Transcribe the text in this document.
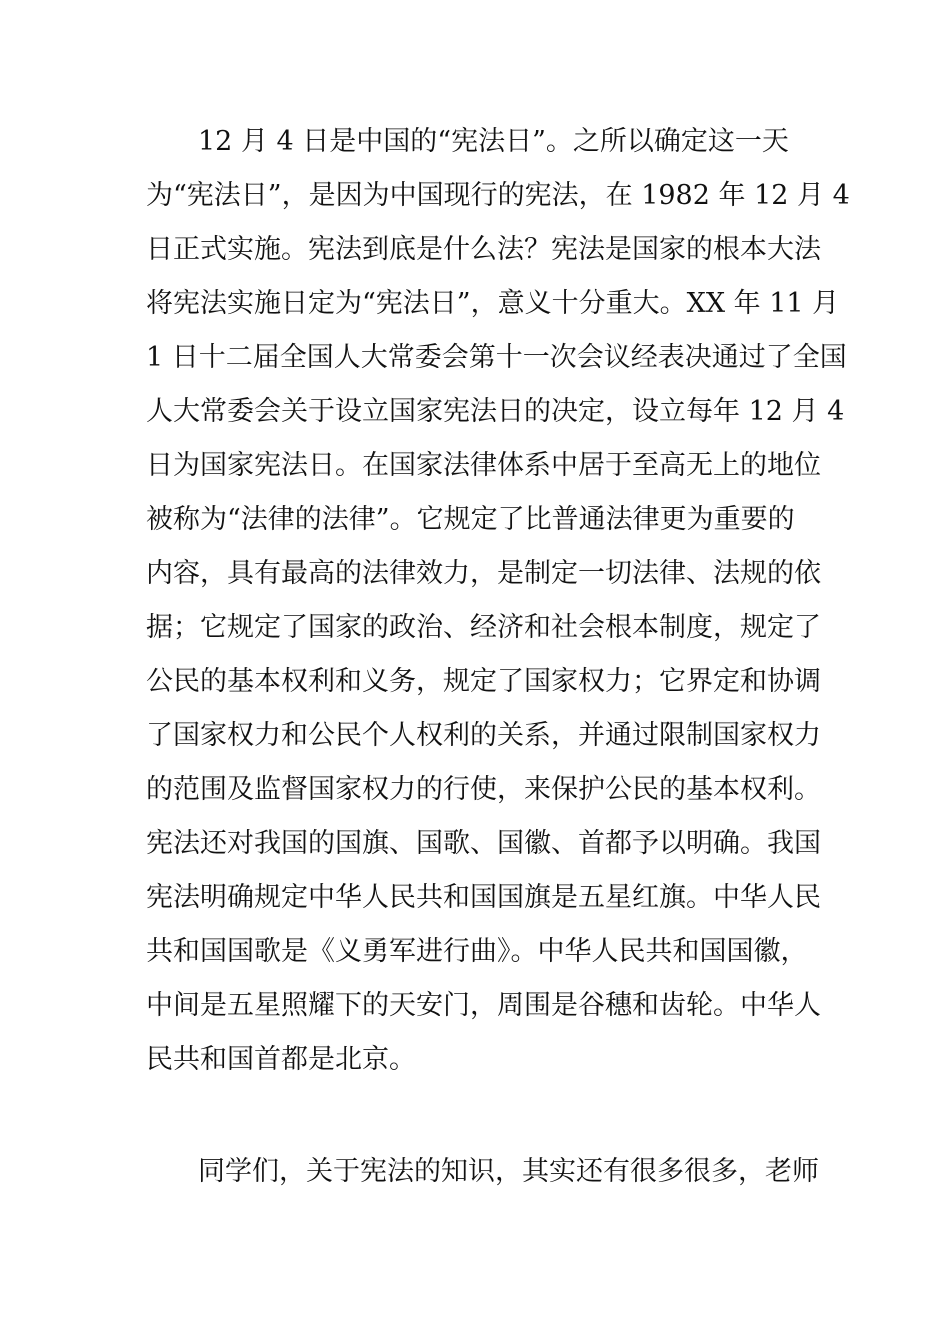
12 月 4 日是中国的“宪法日”。之所以确定这一天
为“宪法日”，是因为中国现行的宪法，在 1982 年 12 月 4
日正式实施。宪法到底是什么法？宪法是国家的根本大法
将宪法实施日定为“宪法日”，意义十分重大。XX 年 11 月
1 日十二届全国人大常委会第十一次会议经表决通过了全国
人大常委会关于设立国家宪法日的决定，设立每年 12 月 4
日为国家宪法日。在国家法律体系中居于至高无上的地位
被称为“法律的法律”。它规定了比普通法律更为重要的
内容，具有最高的法律效力，是制定一切法律、法规的依
据；它规定了国家的政治、经济和社会根本制度，规定了
公民的基本权利和义务，规定了国家权力；它界定和协调
了国家权力和公民个人权利的关系，并通过限制国家权力
的范围及监督国家权力的行使，来保护公民的基本权利。
宪法还对我国的国旗、国歌、国徽、首都予以明确。我国
宪法明确规定中华人民共和国国旗是五星红旗。中华人民
共和国国歌是《义勇军进行曲》。中华人民共和国国徽，
中间是五星照耀下的天安门，周围是谷穗和齿轮。中华人
民共和国首都是北京。
同学们，关于宪法的知识，其实还有很多很多，老师
